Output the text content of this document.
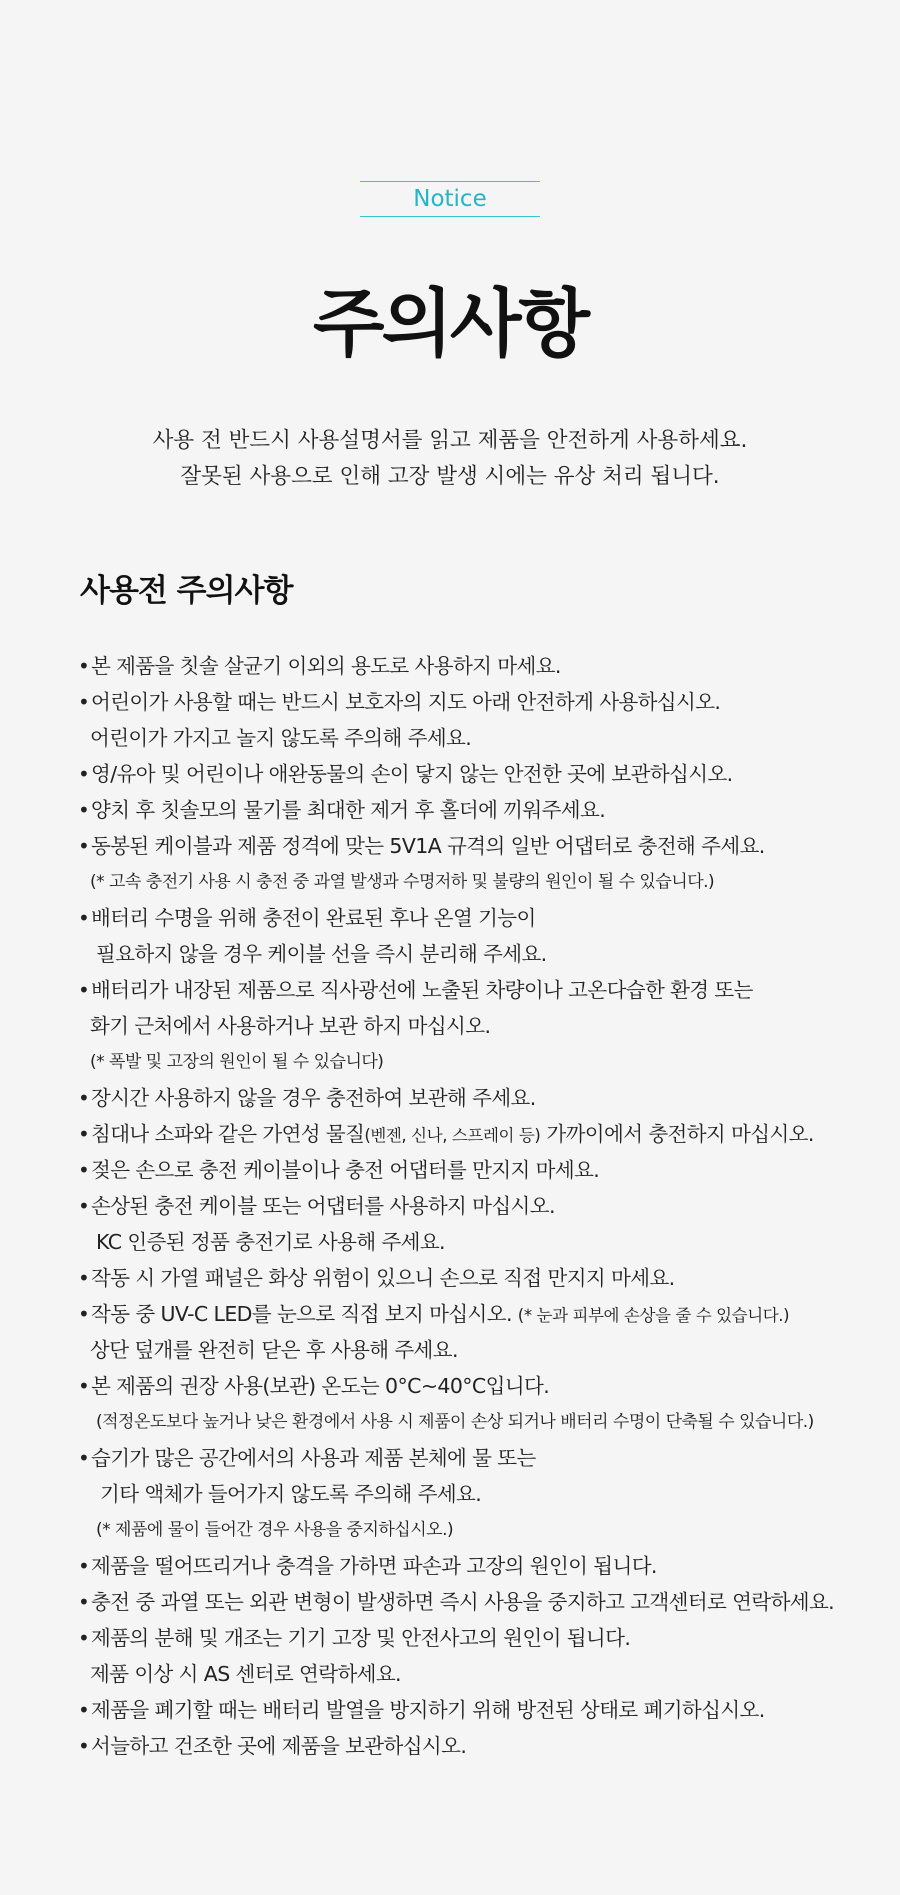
Notice
주의사항
사용 전 반드시 사용설명서를 읽고 제품을 안전하게 사용하세요.
잘못된 사용으로 인해 고장 발생 시에는 유상 처리 됩니다.
사용전 주의사항
•본 제품을 칫솔 살균기 이외의 용도로 사용하지 마세요.
•어린이가 사용할 때는 반드시 보호자의 지도 아래 안전하게 사용하십시오.
어린이가 가지고 놀지 않도록 주의해 주세요.
•영/유아 및 어린이나 애완동물의 손이 닿지 않는 안전한 곳에 보관하십시오.
•양치 후 칫솔모의 물기를 최대한 제거 후 홀더에 끼워주세요.
•동봉된 케이블과 제품 정격에 맞는 5V1A 규격의 일반 어댑터로 충전해 주세요.
(* 고속 충전기 사용 시 충전 중 과열 발생과 수명저하 및 불량의 원인이 될 수 있습니다.)
•배터리 수명을 위해 충전이 완료된 후나 온열 기능이
필요하지 않을 경우 케이블 선을 즉시 분리해 주세요.
•배터리가 내장된 제품으로 직사광선에 노출된 차량이나 고온다습한 환경 또는
화기 근처에서 사용하거나 보관 하지 마십시오.
(* 폭발 및 고장의 원인이 될 수 있습니다)
•장시간 사용하지 않을 경우 충전하여 보관해 주세요.
•침대나 소파와 같은 가연성 물질(벤젠, 신나, 스프레이 등) 가까이에서 충전하지 마십시오.
•젖은 손으로 충전 케이블이나 충전 어댑터를 만지지 마세요.
•손상된 충전 케이블 또는 어댑터를 사용하지 마십시오.
KC 인증된 정품 충전기로 사용해 주세요.
•작동 시 가열 패널은 화상 위험이 있으니 손으로 직접 만지지 마세요.
•작동 중 UV-C LED를 눈으로 직접 보지 마십시오. (* 눈과 피부에 손상을 줄 수 있습니다.)
상단 덮개를 완전히 닫은 후 사용해 주세요.
•본 제품의 권장 사용(보관) 온도는 0°C~40°C입니다.
(적정온도보다 높거나 낮은 환경에서 사용 시 제품이 손상 되거나 배터리 수명이 단축될 수 있습니다.)
•습기가 많은 공간에서의 사용과 제품 본체에 물 또는
기타 액체가 들어가지 않도록 주의해 주세요.
(* 제품에 물이 들어간 경우 사용을 중지하십시오.)
•제품을 떨어뜨리거나 충격을 가하면 파손과 고장의 원인이 됩니다.
•충전 중 과열 또는 외관 변형이 발생하면 즉시 사용을 중지하고 고객센터로 연락하세요.
•제품의 분해 및 개조는 기기 고장 및 안전사고의 원인이 됩니다.
제품 이상 시 AS 센터로 연락하세요.
•제품을 폐기할 때는 배터리 발열을 방지하기 위해 방전된 상태로 폐기하십시오.
•서늘하고 건조한 곳에 제품을 보관하십시오.
